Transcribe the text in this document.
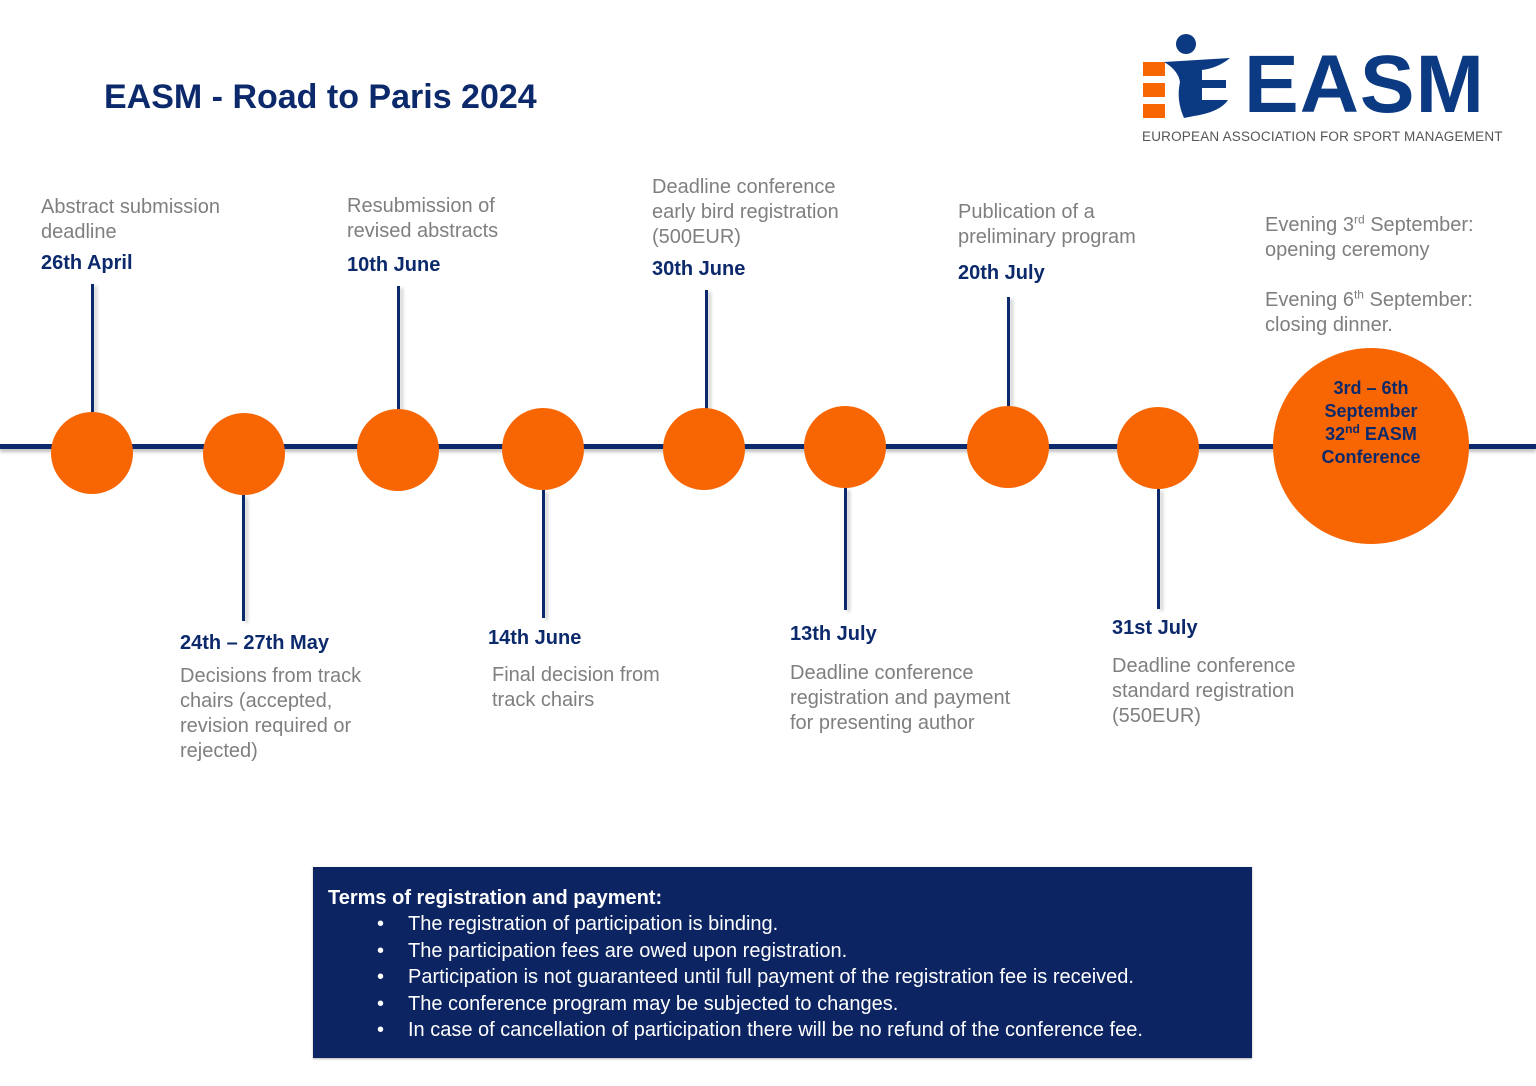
EASM - Road to Paris 2024	EASM
EUROPEAN ASSOCIATION FOR SPORT MANAGEMENT
Abstract submission deadline
26th April
24th – 27th May
Decisions from track chairs (accepted, revision required or rejected)
Resubmission of revised abstracts
10th June
14th June
Final decision from track chairs
Deadline conference early bird registration (500EUR)
30th June
13th July
Deadline conference registration and payment for presenting author
Publication of a preliminary program
20th July
31st July
Deadline conference standard registration (550EUR)
Evening 3rd September:
opening ceremony
Evening 6th September:
closing dinner.
3rd – 6th
September
32nd EASM
Conference
Terms of registration and payment:
• The registration of participation is binding.
• The participation fees are owed upon registration.
• Participation is not guaranteed until full payment of the registration fee is received.
• The conference program may be subjected to changes.
• In case of cancellation of participation there will be no refund of the conference fee.
